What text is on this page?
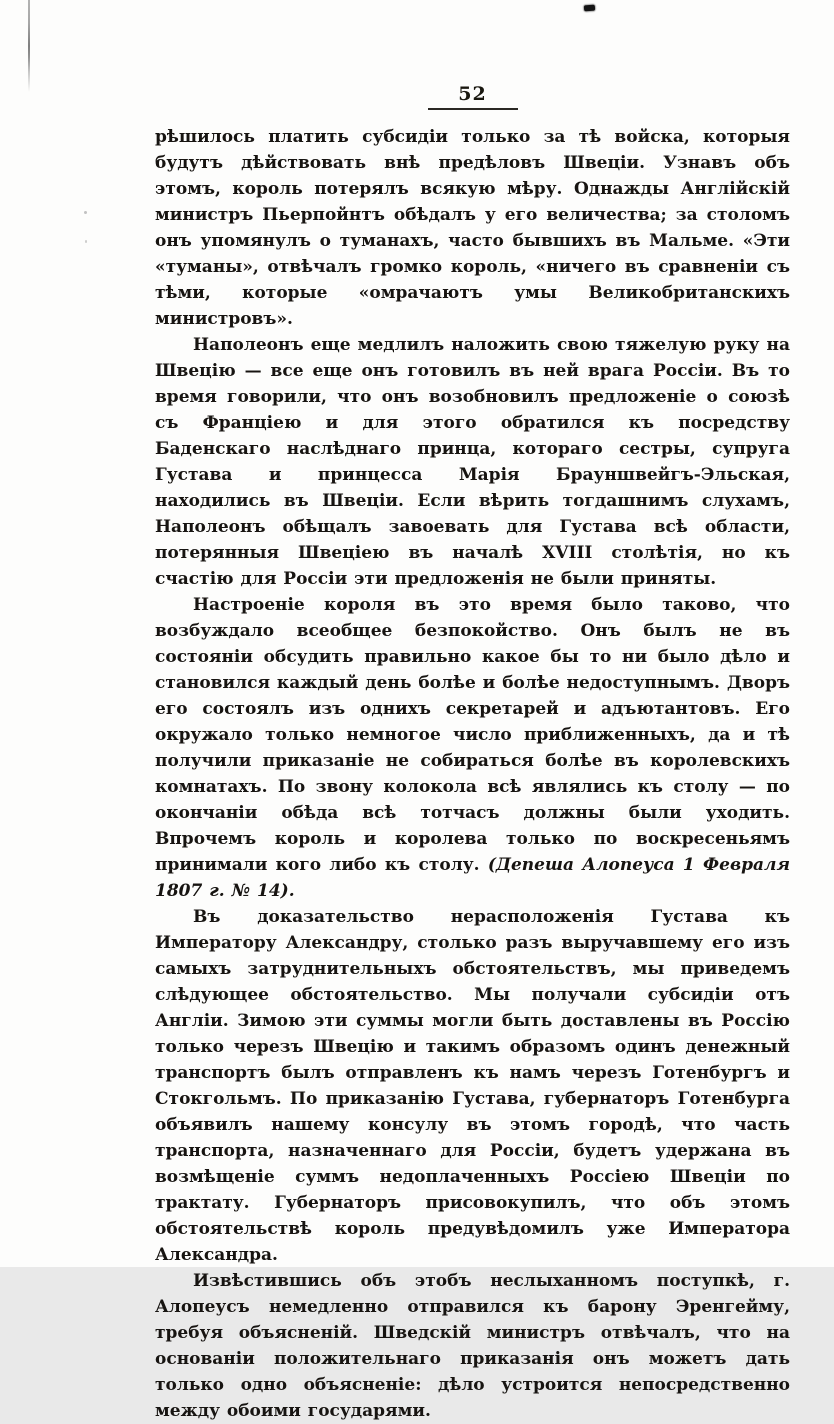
52

рѣшилось платить субсидіи только за тѣ войска, которыя будутъ дѣйствовать внѣ предѣловъ Швеціи. Узнавъ объ этомъ, король потерялъ всякую мѣру. Однажды Англійскій министръ Пьерпойнтъ обѣдалъ у его величества; за столомъ онъ упомянулъ о туманахъ, часто бывшихъ въ Мальме. «Эти «туманы», отвѣчалъ громко король, «ничего въ сравненіи съ тѣми, которые «омрачаютъ умы Великобританскихъ министровъ».

Наполеонъ еще медлилъ наложить свою тяжелую руку на Швецію — все еще онъ готовилъ въ ней врага Россіи. Въ то время говорили, что онъ возобновилъ предложеніе о союзѣ съ Франціею и для этого обратился къ посредству Баденскаго наслѣднаго принца, котораго сестры, супруга Густава и принцесса Марія Брауншвейгъ-Эльская, находились въ Швеціи. Если вѣрить тогдашнимъ слухамъ, Наполеонъ обѣщалъ завоевать для Густава всѣ области, потерянныя Швеціею въ началѣ XVIII столѣтія, но къ счастію для Россіи эти предложенія не были приняты.

Настроеніе короля въ это время было таково, что возбуждало всеобщее безпокойство. Онъ былъ не въ состояніи обсудить правильно какое бы то ни было дѣло и становился каждый день болѣе и болѣе недоступнымъ. Дворъ его состоялъ изъ однихъ секретарей и адъютантовъ. Его окружало только немногое число приближенныхъ, да и тѣ получили приказаніе не собираться болѣе въ королевскихъ комнатахъ. По звону колокола всѣ являлись къ столу — по окончаніи обѣда всѣ тотчасъ должны были уходить. Впрочемъ король и королева только по воскресеньямъ принимали кого либо къ столу. (Депеша Алопеуса 1 Февраля 1807 г. № 14).

Въ доказательство нерасположенія Густава къ Императору Александру, столько разъ выручавшему его изъ самыхъ затруднительныхъ обстоятельствъ, мы приведемъ слѣдующее обстоятельство. Мы получали субсидіи отъ Англіи. Зимою эти суммы могли быть доставлены въ Россію только черезъ Швецію и такимъ образомъ одинъ денежный транспортъ былъ отправленъ къ намъ черезъ Готенбургъ и Стокгольмъ. По приказанію Густава, губернаторъ Готенбурга объявилъ нашему консулу въ этомъ городѣ, что часть транспорта, назначеннаго для Россіи, будетъ удержана въ возмѣщеніе суммъ недоплаченныхъ Россіею Швеціи по трактату. Губернаторъ присовокупилъ, что объ этомъ обстоятельствѣ король предувѣдомилъ уже Императора Александра.

Извѣстившись объ этобъ неслыханномъ поступкѣ, г. Алопеусъ немедленно отправился къ барону Эренгейму, требуя объясненій. Шведскій министръ отвѣчалъ, что на основаніи положительнаго приказанія онъ можетъ дать только одно объясненіе: дѣло устроится непосредственно между обоими государями.
